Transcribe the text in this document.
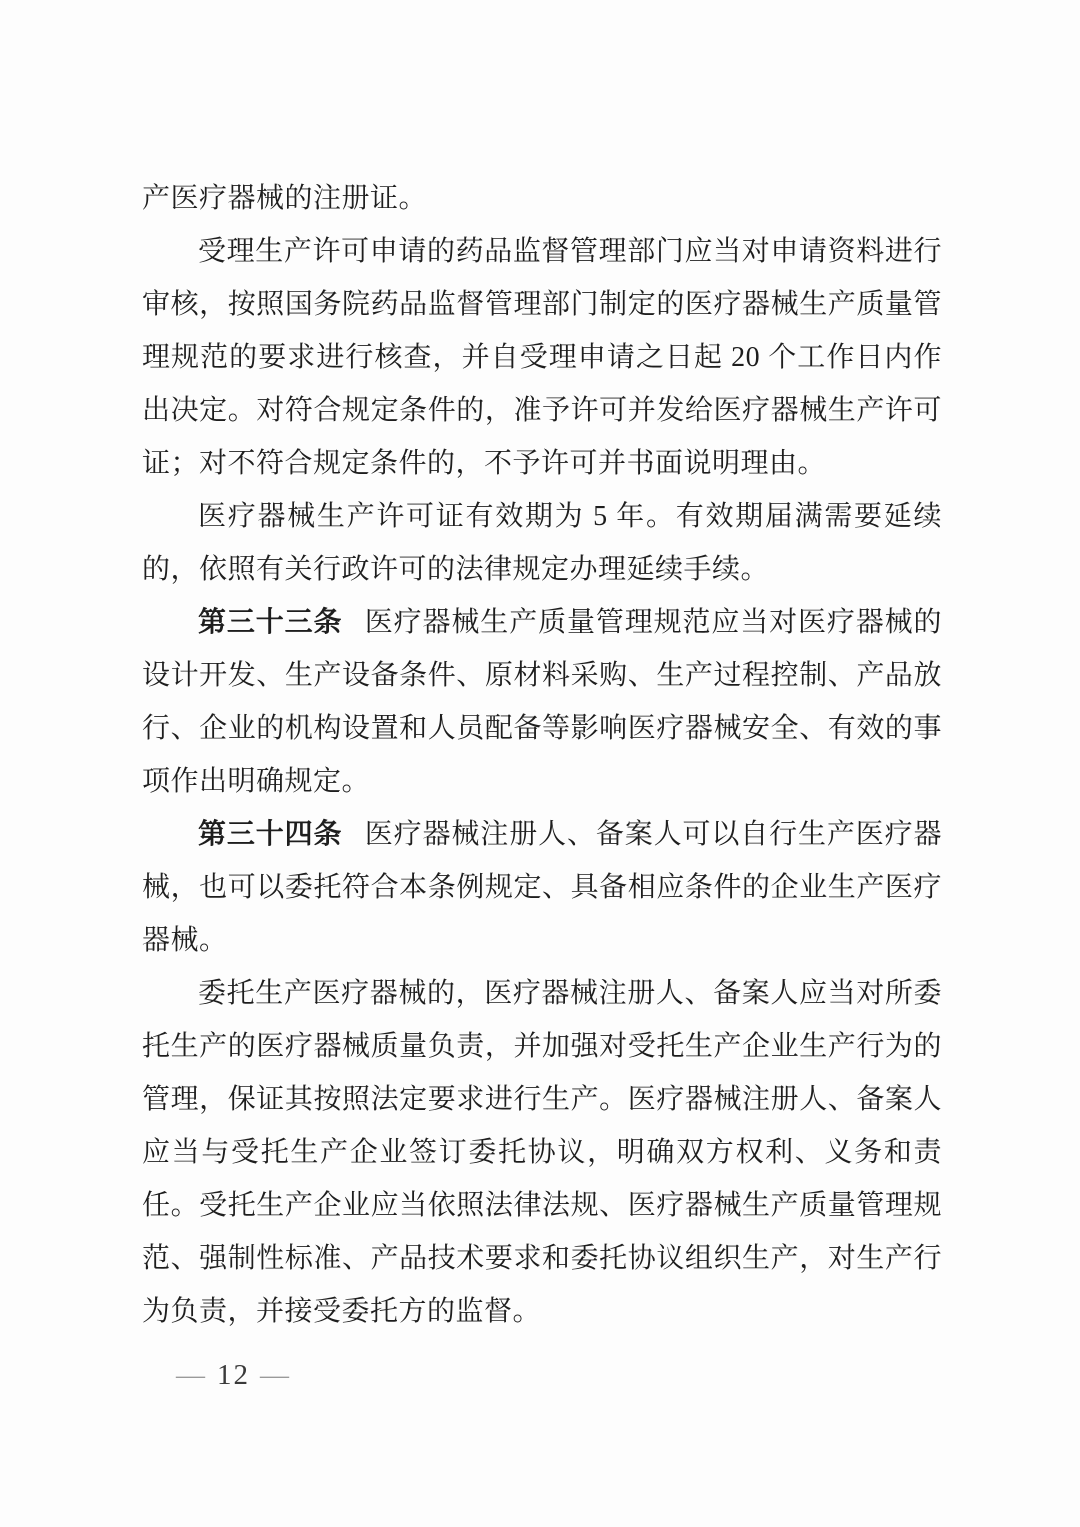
产医疗器械的注册证。

受理生产许可申请的药品监督管理部门应当对申请资料进行审核，按照国务院药品监督管理部门制定的医疗器械生产质量管理规范的要求进行核查，并自受理申请之日起 20 个工作日内作出决定。对符合规定条件的，准予许可并发给医疗器械生产许可证；对不符合规定条件的，不予许可并书面说明理由。

医疗器械生产许可证有效期为 5 年。有效期届满需要延续的，依照有关行政许可的法律规定办理延续手续。

第三十三条 医疗器械生产质量管理规范应当对医疗器械的设计开发、生产设备条件、原材料采购、生产过程控制、产品放行、企业的机构设置和人员配备等影响医疗器械安全、有效的事项作出明确规定。

第三十四条 医疗器械注册人、备案人可以自行生产医疗器械，也可以委托符合本条例规定、具备相应条件的企业生产医疗器械。

委托生产医疗器械的，医疗器械注册人、备案人应当对所委托生产的医疗器械质量负责，并加强对受托生产企业生产行为的管理，保证其按照法定要求进行生产。医疗器械注册人、备案人应当与受托生产企业签订委托协议，明确双方权利、义务和责任。受托生产企业应当依照法律法规、医疗器械生产质量管理规范、强制性标准、产品技术要求和委托协议组织生产，对生产行为负责，并接受委托方的监督。

— 12 —
